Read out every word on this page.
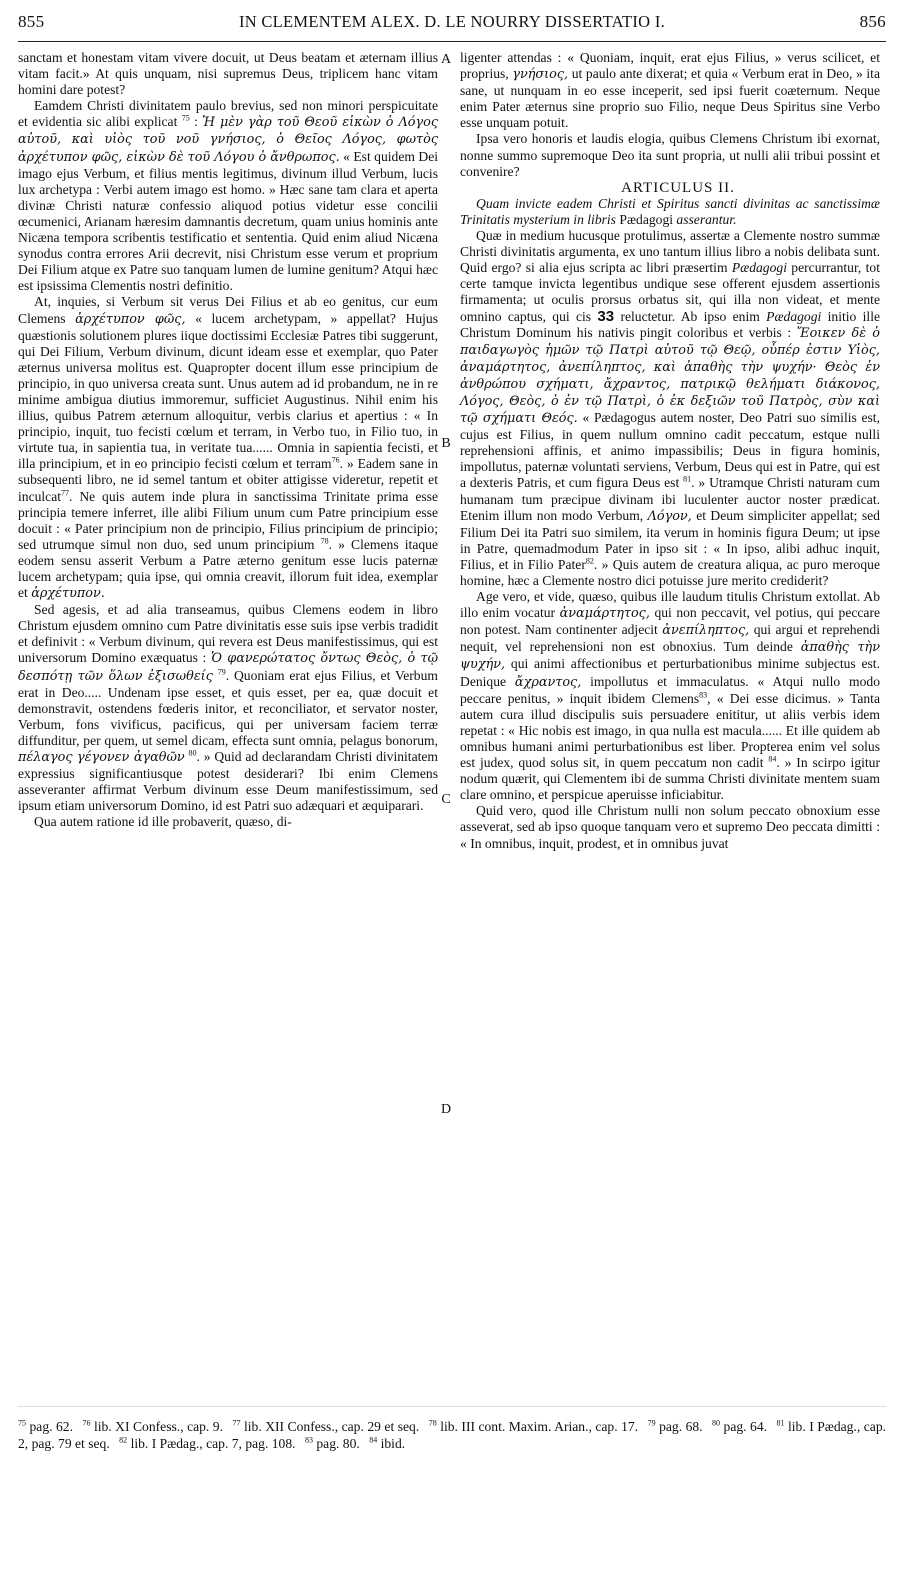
855	IN CLEMENTEM ALEX. D. LE NOURRY DISSERTATIO I.	856
A
B
C
D

sanctam et honestam vitam vivere docuit, ut Deus beatam et æternam illius vitam facit.» At quis unquam, nisi supremus Deus, triplicem hanc vitam homini dare potest?

Eamdem Christi divinitatem paulo brevius, sed non minori perspicuitate et evidentia sic alibi explicat $^{75}$ : Ἡ μὲν γὰρ τοῦ Θεοῦ εἰκὼν ὁ Λόγος αὐτοῦ, καὶ υἱὸς τοῦ νοῦ γνήσιος, ὁ Θεῖος Λόγος, φωτὸς ἀρχέτυπον φῶς, εἰκὼν δὲ τοῦ Λόγου ὁ ἄνθρωπος. « Est quidem Dei imago ejus Verbum, et filius mentis legitimus, divinum illud Verbum, lucis lux archetypa : Verbi autem imago est homo. » Hæc sane tam clara et aperta divinæ Christi naturæ confessio aliquod potius videtur esse concilii œcumenici, Arianam hæresim damnantis decretum, quam unius hominis ante Nicæna tempora scribentis testificatio et sententia. Quid enim aliud Nicæna synodus contra errores Arii decrevit, nisi Christum esse verum et proprium Dei Filium atque ex Patre suo tanquam lumen de lumine genitum? Atqui hæc est ipsissima Clementis nostri definitio.

At, inquies, si Verbum sit verus Dei Filius et ab eo genitus, cur eum Clemens ἀρχέτυπον φῶς, « lucem archetypam, » appellat? Hujus quæstionis solutionem plures iique doctissimi Ecclesiæ Patres tibi suggerunt, qui Dei Filium, Verbum divinum, dicunt ideam esse et exemplar, quo Pater æternus universa molitus est. Quapropter docent illum esse principium de principio, in quo universa creata sunt. Unus autem ad id probandum, ne in re minime ambigua diutius immoremur, sufficiet Augustinus. Nihil enim his illius, quibus Patrem æternum alloquitur, verbis clarius et apertius : « In principio, inquit, tuo fecisti cœlum et terram, in Verbo tuo, in Filio tuo, in virtute tua, in sapientia tua, in veritate tua...... Omnia in sapientia fecisti, et illa principium, et in eo principio fecisti cœlum et terram$^{76}$. » Eadem sane in subsequenti libro, ne id semel tantum et obiter attigisse videretur, repetit et inculcat$^{77}$. Ne quis autem inde plura in sanctissima Trinitate prima esse principia temere inferret, ille alibi Filium unum cum Patre principium esse docuit : « Pater principium non de principio, Filius principium de principio; sed utrumque simul non duo, sed unum principium $^{78}$. » Clemens itaque eodem sensu asserit Verbum a Patre æterno genitum esse lucis paternæ lucem archetypam; quia ipse, qui omnia creavit, illorum fuit idea, exemplar et ἀρχέτυπον.

Sed agesis, et ad alia transeamus, quibus Clemens eodem in libro Christum ejusdem omnino cum Patre divinitatis esse suis ipse verbis tradidit et definivit : « Verbum divinum, qui revera est Deus manifestissimus, qui est universorum Domino exæquatus : Ὁ φανερώτατος ὄντως Θεὸς, ὁ τῷ δεσπότῃ τῶν ὅλων ἐξισωθείς $^{79}$. Quoniam erat ejus Filius, et Verbum erat in Deo..... Undenam ipse esset, et quis esset, per ea, quæ docuit et demonstravit, ostendens fœderis initor, et reconciliator, et servator noster, Verbum, fons vivificus, pacificus, qui per universam faciem terræ diffunditur, per quem, ut semel dicam, effecta sunt omnia, pelagus bonorum, πέλαγος γέγονεν ἀγαθῶν $^{80}$. » Quid ad declarandam Christi divinitatem expressius significantiusque potest desiderari? Ibi enim Clemens asseveranter affirmat Verbum divinum esse Deum manifestissimum, sed ipsum etiam universorum Domino, id est Patri suo adæquari et æquiparari.

Qua autem ratione id ille probaverit, quæso, di-

ligenter attendas : « Quoniam, inquit, erat ejus Filius, » verus scilicet, et proprius, γνήσιος, ut paulo ante dixerat; et quia « Verbum erat in Deo, » ita sane, ut nunquam in eo esse inceperit, sed ipsi fuerit coæternum. Neque enim Pater æternus sine proprio suo Filio, neque Deus Spiritus sine Verbo esse unquam potuit.

Ipsa vero honoris et laudis elogia, quibus Clemens Christum ibi exornat, nonne summo supremoque Deo ita sunt propria, ut nulli alii tribui possint et convenire?

ARTICULUS II.

Quam invicte eadem Christi et Spiritus sancti divinitas ac sanctissimæ Trinitatis mysterium in libris Pædagogi asserantur.

Quæ in medium hucusque protulimus, assertæ a Clemente nostro summæ Christi divinitatis argumenta, ex uno tantum illius libro a nobis delibata sunt. Quid ergo? si alia ejus scripta ac libri præsertim Pædagogi percurrantur, tot certe tamque invicta legentibus undique sese offerent ejusdem assertionis firmamenta; ut oculis prorsus orbatus sit, qui illa non videat, et mente omnino captus, qui cis 33 reluctetur. Ab ipso enim Pædagogi initio ille Christum Dominum his nativis pingit coloribus et verbis : Ἔοικεν δὲ ὁ παιδαγωγὸς ἡμῶν τῷ Πατρὶ αὐτοῦ τῷ Θεῷ, οὗπέρ ἐστιν Υἱὸς, ἀναμάρτητος, ἀνεπίληπτος, καὶ ἀπαθὴς τὴν ψυχήν· Θεὸς ἐν ἀνθρώπου σχήματι, ἄχραντος, πατρικῷ θελήματι διάκονος, Λόγος, Θεὸς, ὁ ἐν τῷ Πατρὶ, ὁ ἐκ δεξιῶν τοῦ Πατρὸς, σὺν καὶ τῷ σχήματι Θεός. « Pædagogus autem noster, Deo Patri suo similis est, cujus est Filius, in quem nullum omnino cadit peccatum, estque nulli reprehensioni affinis, et animo impassibilis; Deus in figura hominis, impollutus, paternæ voluntati serviens, Verbum, Deus qui est in Patre, qui est a dexteris Patris, et cum figura Deus est $^{81}$. » Utramque Christi naturam cum humanam tum præcipue divinam ibi luculenter auctor noster prædicat. Etenim illum non modo Verbum, Λόγον, et Deum simpliciter appellat; sed Filium Dei ita Patri suo similem, ita verum in hominis figura Deum; ut ipse in Patre, quemadmodum Pater in ipso sit : « In ipso, alibi adhuc inquit, Filius, et in Filio Pater$^{82}$. » Quis autem de creatura aliqua, ac puro meroque homine, hæc a Clemente nostro dici potuisse jure merito crediderit?

Age vero, et vide, quæso, quibus ille laudum titulis Christum extollat. Ab illo enim vocatur ἀναμάρτητος, qui non peccavit, vel potius, qui peccare non potest. Nam continenter adjecit ἀνεπίληπτος, qui argui et reprehendi nequit, vel reprehensioni non est obnoxius. Tum deinde ἀπαθὴς τὴν ψυχήν, qui animi affectionibus et perturbationibus minime subjectus est. Denique ἄχραντος, impollutus et immaculatus. « Atqui nullo modo peccare penitus, » inquit ibidem Clemens$^{83}$, « Dei esse dicimus. » Tanta autem cura illud discipulis suis persuadere enititur, ut aliis verbis idem repetat : « Hic nobis est imago, in qua nulla est macula...... Et ille quidem ab omnibus humani animi perturbationibus est liber. Propterea enim vel solus est judex, quod solus sit, in quem peccatum non cadit $^{84}$. » In scirpo igitur nodum quærit, qui Clementem ibi de summa Christi divinitate mentem suam clare omnino, et perspicue aperuisse inficiabitur.

Quid vero, quod ille Christum nulli non solum peccato obnoxium esse asseverat, sed ab ipso quoque tanquam vero et supremo Deo peccata dimitti : « In omnibus, inquit, prodest, et in omnibus juvat

$^{75}$ pag. 62. $^{76}$ lib. XI Confess., cap. 9. $^{77}$ lib. XII Confess., cap. 29 et seq. $^{78}$ lib. III cont. Maxim. Arian., cap. 17. $^{79}$ pag. 68. $^{80}$ pag. 64. $^{81}$ lib. I Pædag., cap. 2, pag. 79 et seq. $^{82}$ lib. I Pædag., cap. 7, pag. 108. $^{83}$ pag. 80. $^{84}$ ibid.
